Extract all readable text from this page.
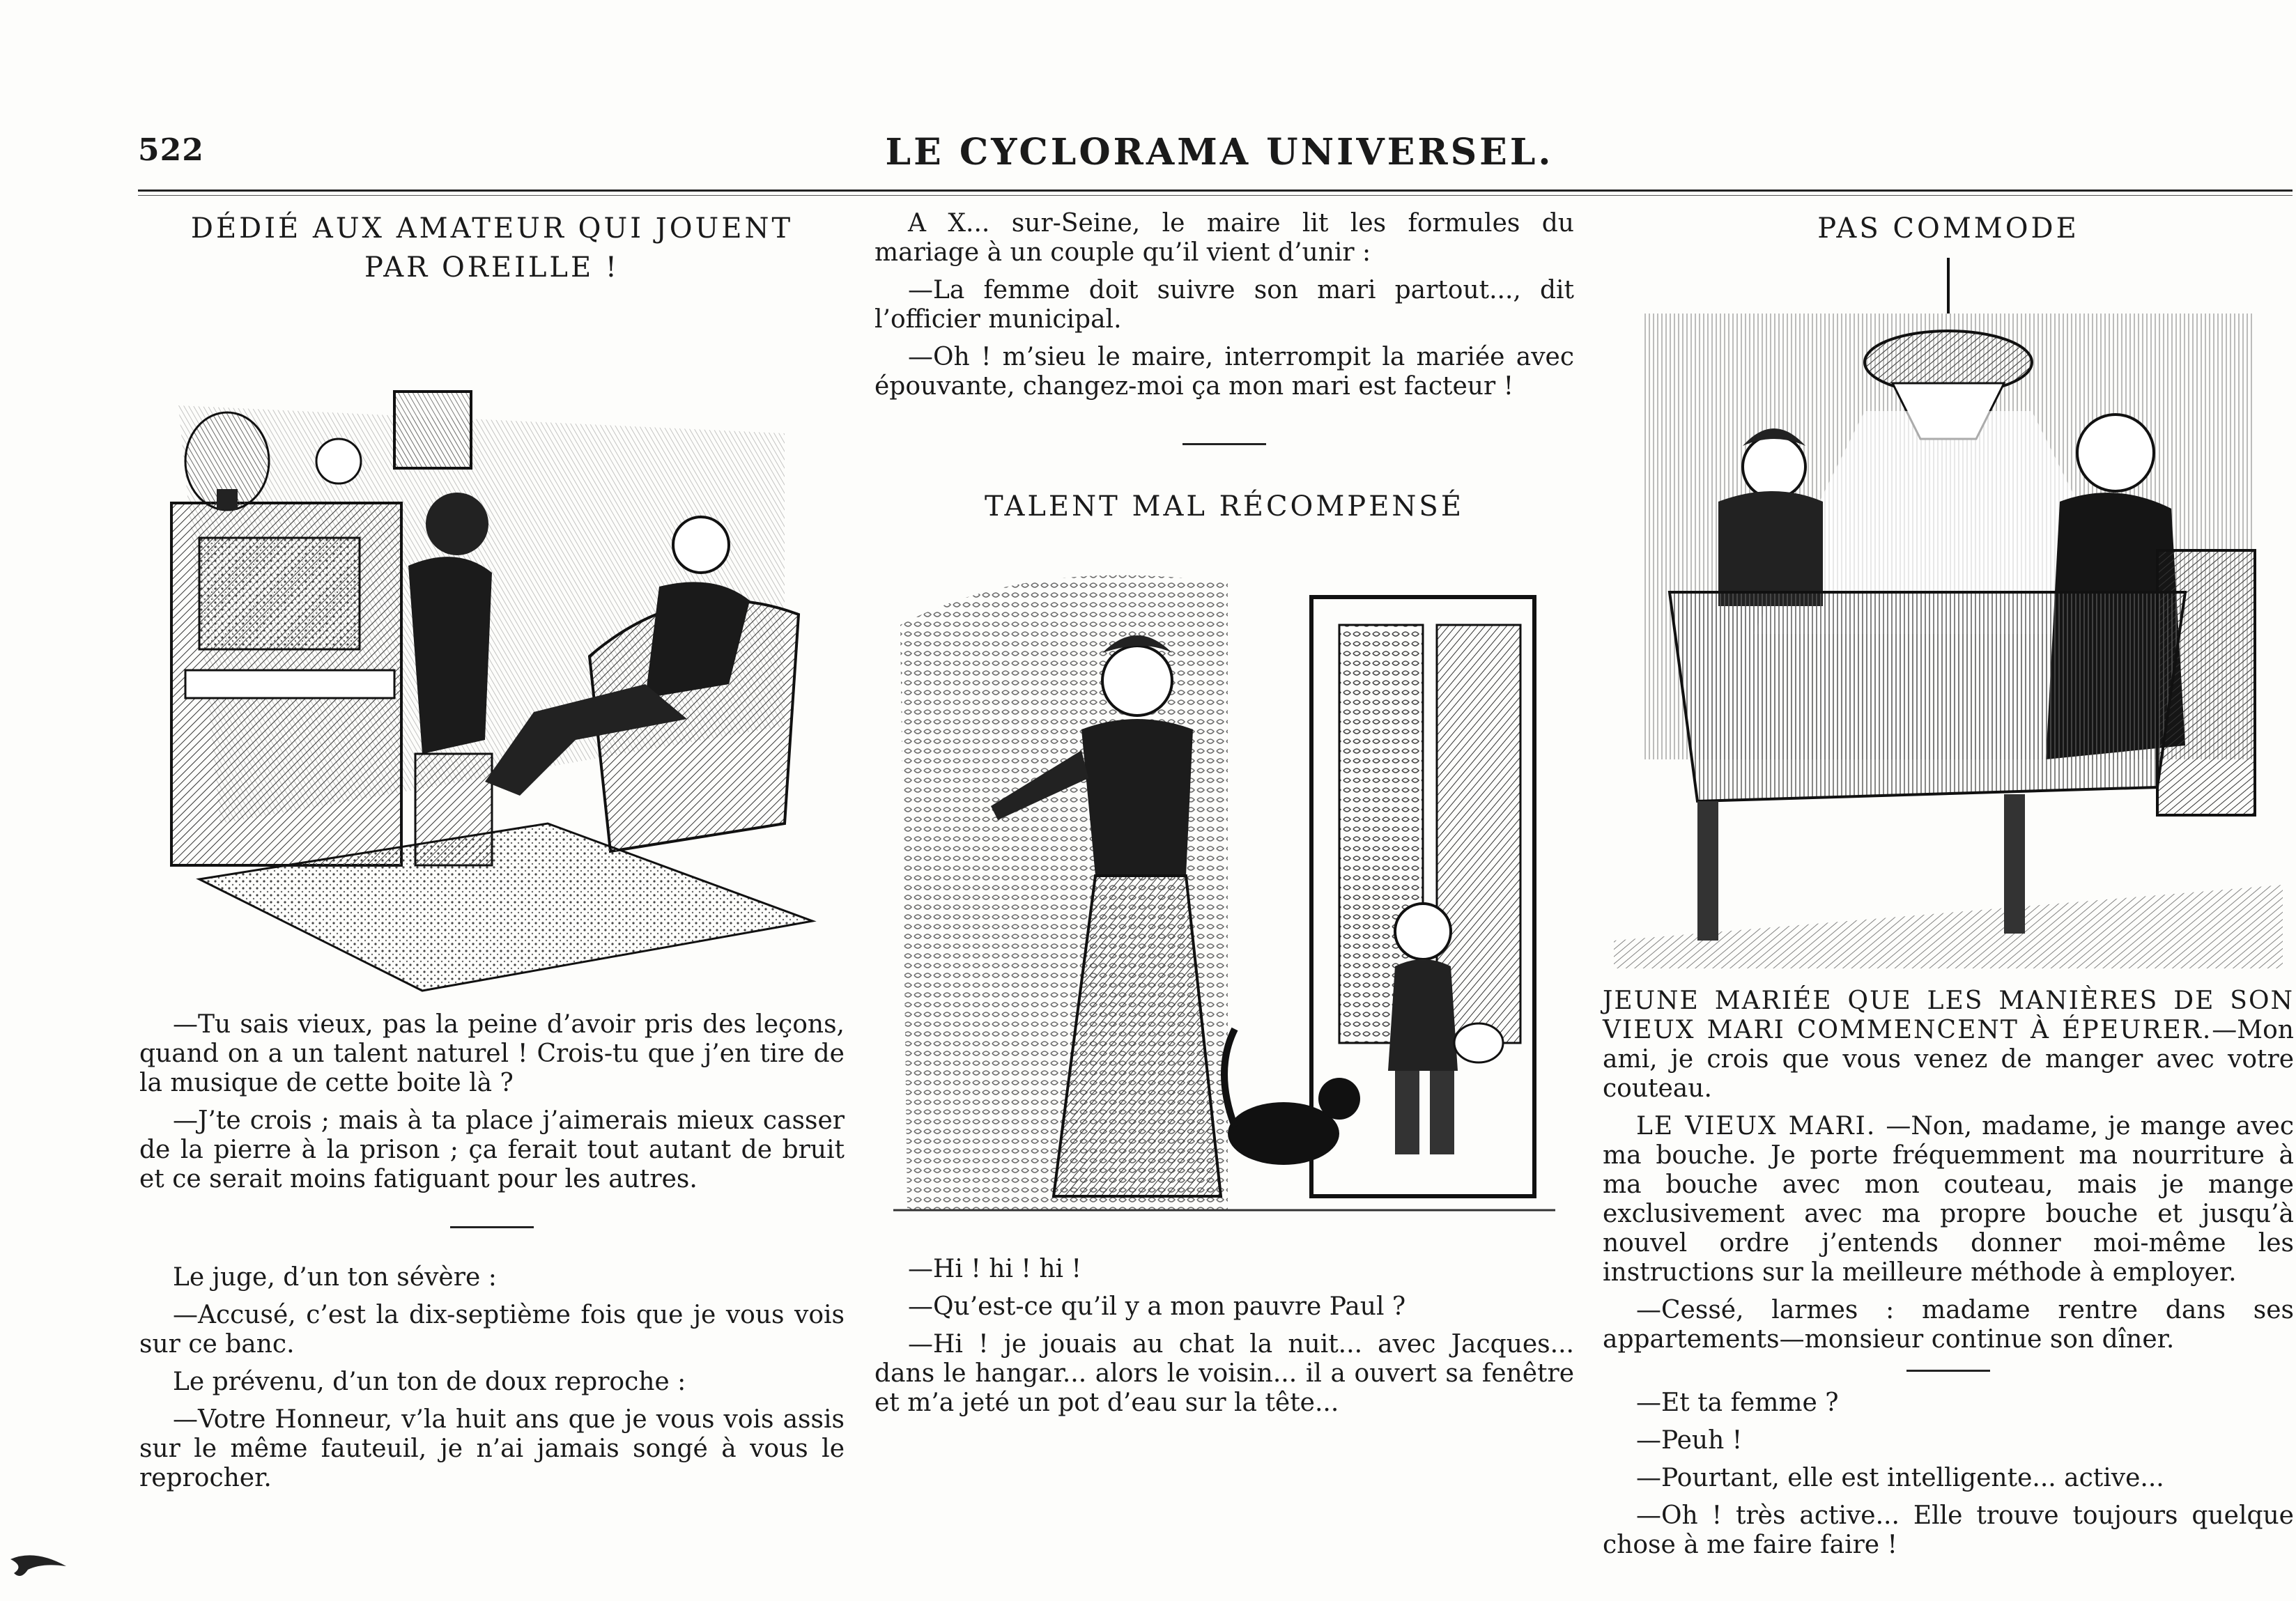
522	LE CYCLORAMA UNIVERSEL.
DÉDIÉ AUX AMATEUR QUI JOUENT
PAR OREILLE !

—Tu sais vieux, pas la peine d’avoir pris des leçons, quand on a un talent naturel ! Crois-tu que j’en tire de la musique de cette boite là ?

—J’te crois ; mais à ta place j’aimerais mieux casser de la pierre à la prison ; ça ferait tout autant de bruit et ce serait moins fatiguant pour les autres.

Le juge, d’un ton sévère :

—Accusé, c’est la dix-septième fois que je vous vois sur ce banc.

Le prévenu, d’un ton de doux reproche :

—Votre Honneur, v’la huit ans que je vous vois assis sur le même fauteuil, je n’ai jamais songé à vous le reprocher.

A X... sur-Seine, le maire lit les formules du mariage à un couple qu’il vient d’unir :

—La femme doit suivre son mari partout..., dit l’officier municipal.

—Oh ! m’sieu le maire, interrompit la mariée avec épouvante, changez-moi ça mon mari est facteur !

TALENT MAL RÉCOMPENSÉ

—Hi ! hi ! hi !

—Qu’est-ce qu’il y a mon pauvre Paul ?

—Hi ! je jouais au chat la nuit... avec Jacques... dans le hangar... alors le voisin... il a ouvert sa fenêtre et m’a jeté un pot d’eau sur la tête...

PAS COMMODE

JEUNE MARIÉE QUE LES MANIÈRES DE SON VIEUX MARI COMMENCENT À ÉPEURER.—Mon ami, je crois que vous venez de manger avec votre couteau.

LE VIEUX MARI. —Non, madame, je mange avec ma bouche. Je porte fréquemment ma nourriture à ma bouche avec mon couteau, mais je mange exclusivement avec ma propre bouche et jusqu’à nouvel ordre j’entends donner moi-même les instructions sur la meilleure méthode à employer.

—Cessé, larmes : madame rentre dans ses appartements—monsieur continue son dîner.

—Et ta femme ?

—Peuh !

—Pourtant, elle est intelligente... active...

—Oh ! très active... Elle trouve toujours quelque chose à me faire faire !
